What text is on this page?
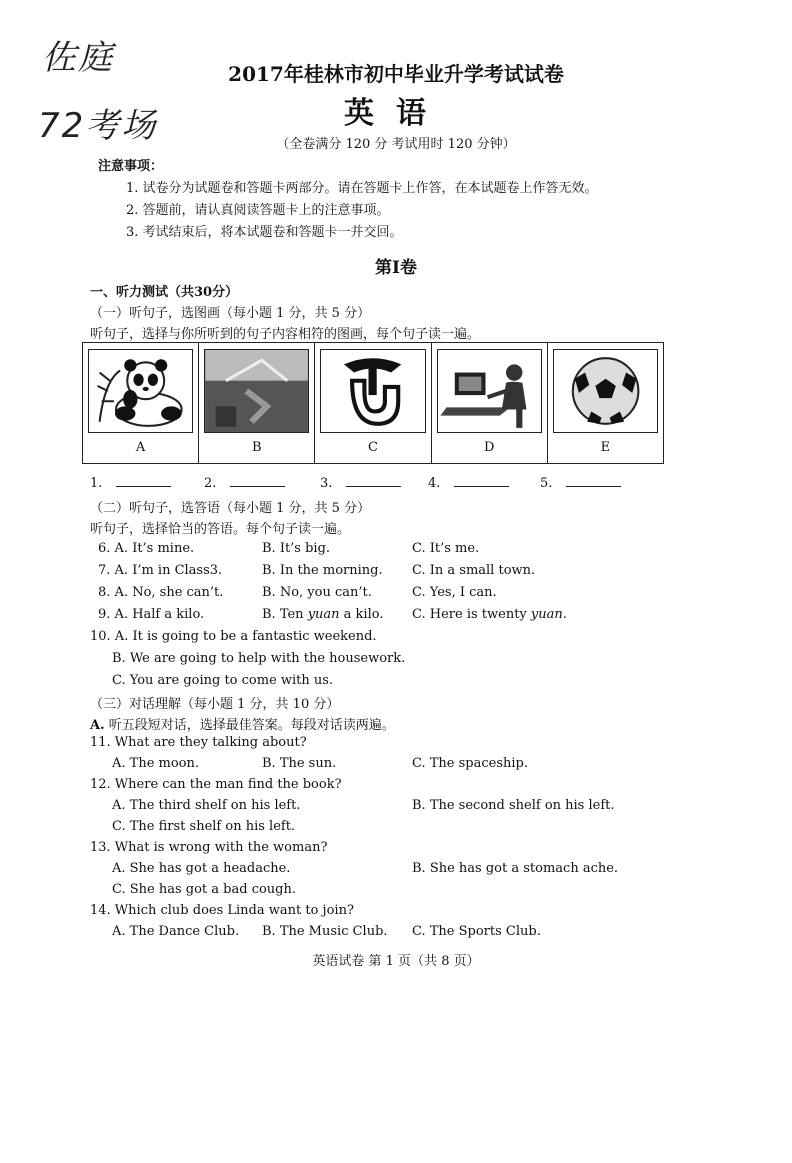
佐庭
72考场
2017年桂林市初中毕业升学考试试卷
英语
（全卷满分 120 分 考试用时 120 分钟）
注意事项：
1. 试卷分为试题卷和答题卡两部分。请在答题卡上作答，在本试题卷上作答无效。
2. 答题前，请认真阅读答题卡上的注意事项。
3. 考试结束后，将本试题卷和答题卡一并交回。
第Ⅰ卷
一、听力测试（共30分）
（一）听句子，选图画（每小题 1 分，共 5 分）
听句子，选择与你所听到的句子内容相符的图画，每个句子读一遍。
A	B	C	D	E
1.	2.	3.	4.	5.
（二）听句子，选答语（每小题 1 分，共 5 分）
听句子，选择恰当的答语。每个句子读一遍。
6. A. It’s mine.	B. It’s big.	C. It’s me.
7. A. I’m in Class3.	B. In the morning. C. In a small town.
8. A. No, she can’t.	B. No, you can’t.	C. Yes, I can.
9. A. Half a kilo.	B. Ten yuan a kilo. C. Here is twenty yuan.
10. A. It is going to be a fantastic weekend.
B. We are going to help with the housework.
C. You are going to come with us.
（三）对话理解（每小题 1 分，共 10 分）
A. 听五段短对话，选择最佳答案。每段对话读两遍。
11. What are they talking about?
A. The moon.	B. The sun.	C. The spaceship.
12. Where can the man find the book?
A. The third shelf on his left.	B. The second shelf on his left.
C. The first shelf on his left.
13. What is wrong with the woman?
A. She has got a headache.	B. She has got a stomach ache.
C. She has got a bad cough.
14. Which club does Linda want to join?
A. The Dance Club. B. The Music Club. C. The Sports Club.
英语试卷 第 1 页（共 8 页）
